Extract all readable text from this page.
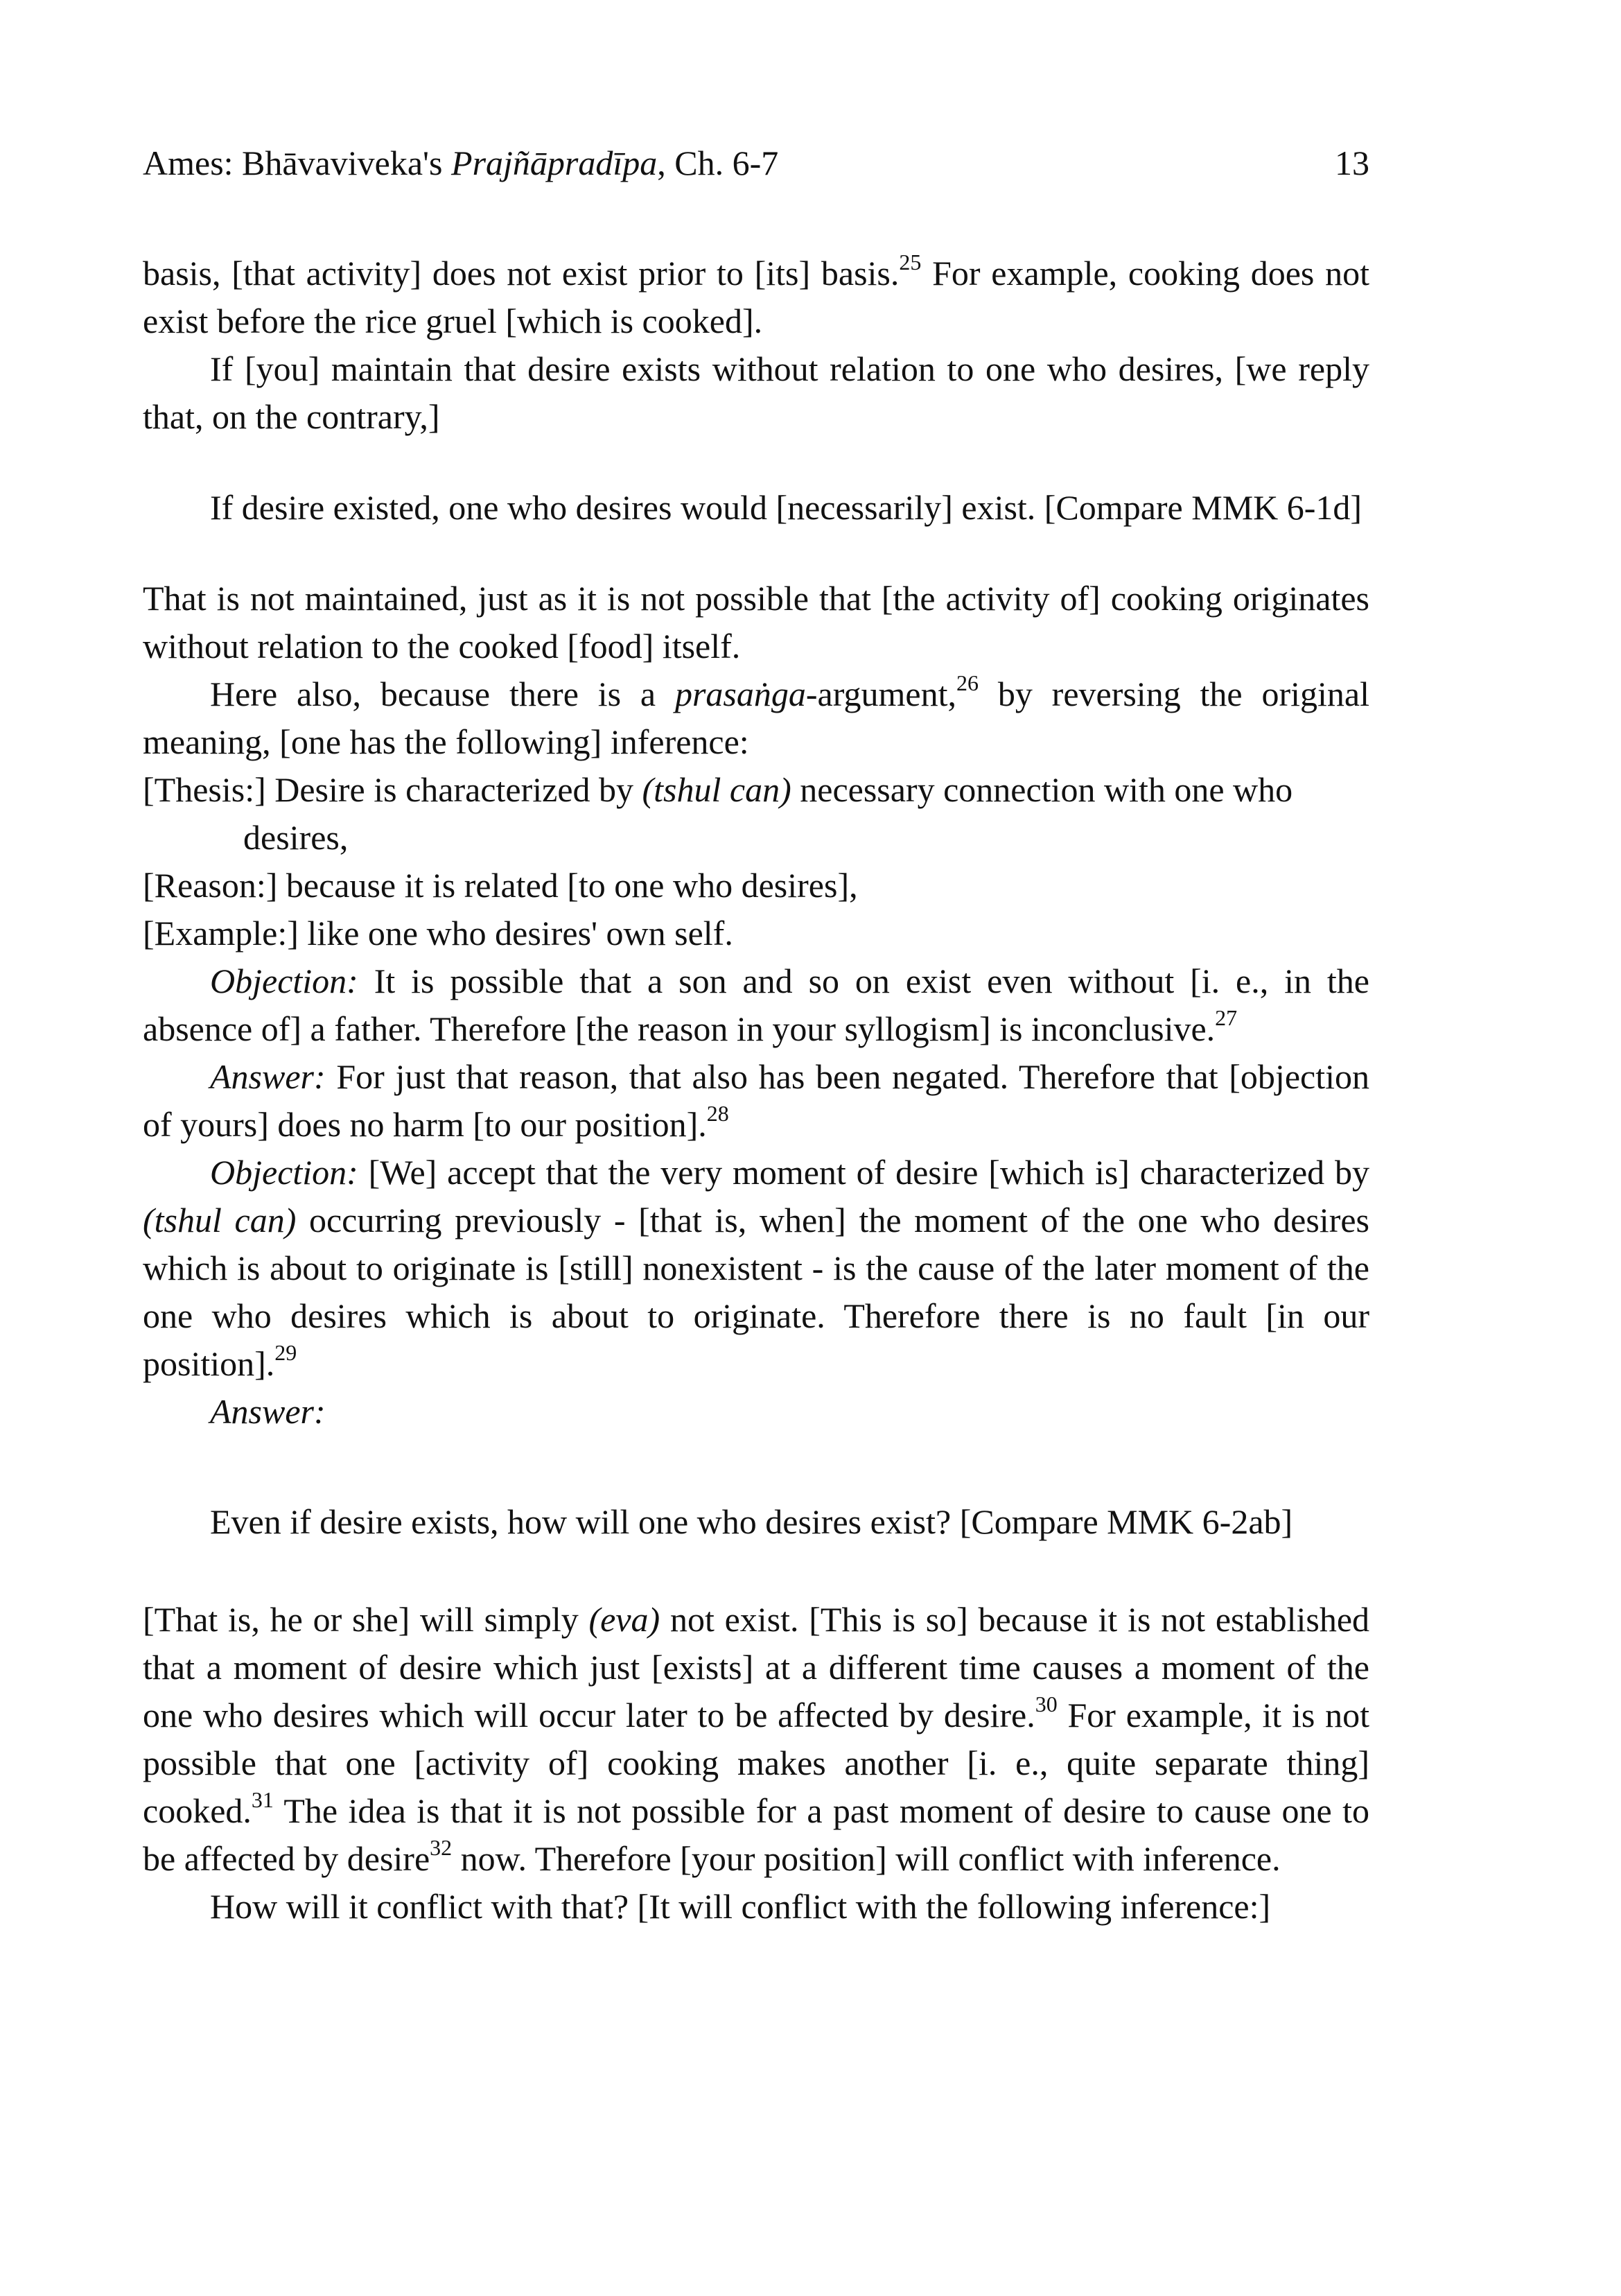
Ames: Bhāvaviveka's Prajñāpradīpa, Ch. 6-7	13

basis, [that activity] does not exist prior to [its] basis.$^{25}$ For example, cooking does not exist before the rice gruel [which is cooked].

If [you] maintain that desire exists without relation to one who desires, [we reply that, on the contrary,]

If desire existed, one who desires would [necessarily] exist. [Compare MMK 6-1d]

That is not maintained, just as it is not possible that [the activity of] cooking originates without relation to the cooked [food] itself.

Here also, because there is a prasaṅga-argument,$^{26}$ by reversing the original meaning, [one has the following] inference:

[Thesis:] Desire is characterized by (tshul can) necessary connection with one who desires,

[Reason:] because it is related [to one who desires],

[Example:] like one who desires' own self.

Objection: It is possible that a son and so on exist even without [i. e., in the absence of] a father. Therefore [the reason in your syllogism] is inconclusive.$^{27}$

Answer: For just that reason, that also has been negated. Therefore that [objection of yours] does no harm [to our position].$^{28}$

Objection: [We] accept that the very moment of desire [which is] characterized by (tshul can) occurring previously - [that is, when] the moment of the one who desires which is about to originate is [still] nonexistent - is the cause of the later moment of the one who desires which is about to originate. Therefore there is no fault [in our position].$^{29}$

Answer:

Even if desire exists, how will one who desires exist? [Compare MMK 6-2ab]

[That is, he or she] will simply (eva) not exist. [This is so] because it is not established that a moment of desire which just [exists] at a different time causes a moment of the one who desires which will occur later to be affected by desire.$^{30}$ For example, it is not possible that one [activity of] cooking makes another [i. e., quite separate thing] cooked.$^{31}$ The idea is that it is not possible for a past moment of desire to cause one to be affected by desire$^{32}$ now. Therefore [your position] will conflict with inference.

How will it conflict with that? [It will conflict with the following inference:]
